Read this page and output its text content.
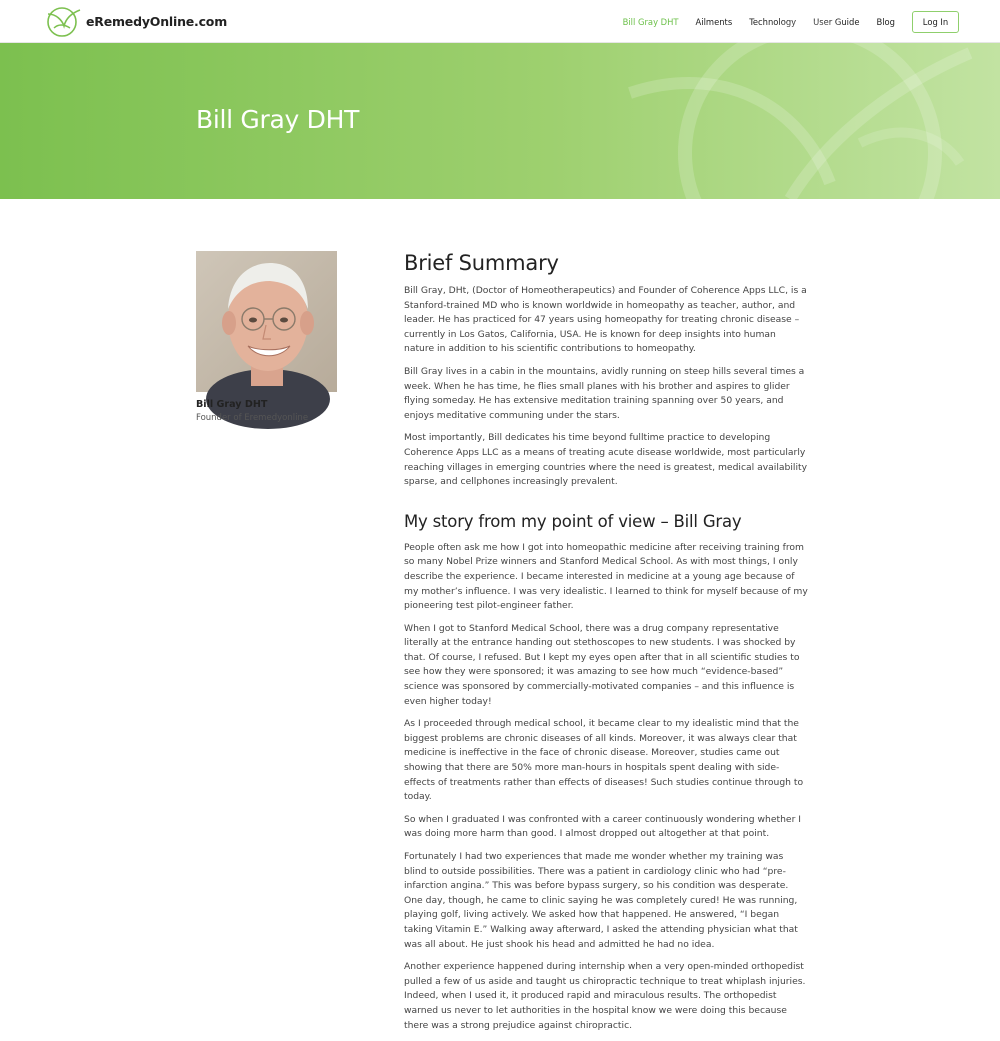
eRemedyOnline.com	Bill Gray DHT Ailments Technology User Guide Blog	Log In
Bill Gray DHT
Bill Gray DHT
Founder of Eremedyonline
Brief Summary

Bill Gray, DHt, (Doctor of Homeotherapeutics) and Founder of Coherence Apps LLC, is a Stanford-trained MD who is known worldwide in homeopathy as teacher, author, and leader. He has practiced for 47 years using homeopathy for treating chronic disease – currently in Los Gatos, California, USA. He is known for deep insights into human nature in addition to his scientific contributions to homeopathy.

Bill Gray lives in a cabin in the mountains, avidly running on steep hills several times a week. When he has time, he flies small planes with his brother and aspires to glider flying someday. He has extensive meditation training spanning over 50 years, and enjoys meditative communing under the stars.

Most importantly, Bill dedicates his time beyond fulltime practice to developing Coherence Apps LLC as a means of treating acute disease worldwide, most particularly reaching villages in emerging countries where the need is greatest, medical availability sparse, and cellphones increasingly prevalent.

My story from my point of view – Bill Gray

People often ask me how I got into homeopathic medicine after receiving training from so many Nobel Prize winners and Stanford Medical School. As with most things, I only describe the experience. I became interested in medicine at a young age because of my mother’s influence. I was very idealistic. I learned to think for myself because of my pioneering test pilot-engineer father.

When I got to Stanford Medical School, there was a drug company representative literally at the entrance handing out stethoscopes to new students. I was shocked by that. Of course, I refused. But I kept my eyes open after that in all scientific studies to see how they were sponsored; it was amazing to see how much “evidence-based” science was sponsored by commercially-motivated companies – and this influence is even higher today!

As I proceeded through medical school, it became clear to my idealistic mind that the biggest problems are chronic diseases of all kinds. Moreover, it was always clear that medicine is ineffective in the face of chronic disease. Moreover, studies came out showing that there are 50% more man-hours in hospitals spent dealing with side-effects of treatments rather than effects of diseases! Such studies continue through to today.

So when I graduated I was confronted with a career continuously wondering whether I was doing more harm than good. I almost dropped out altogether at that point.

Fortunately I had two experiences that made me wonder whether my training was blind to outside possibilities. There was a patient in cardiology clinic who had “pre-infarction angina.” This was before bypass surgery, so his condition was desperate. One day, though, he came to clinic saying he was completely cured! He was running, playing golf, living actively. We asked how that happened. He answered, “I began taking Vitamin E.” Walking away afterward, I asked the attending physician what that was all about. He just shook his head and admitted he had no idea.

Another experience happened during internship when a very open-minded orthopedist pulled a few of us aside and taught us chiropractic technique to treat whiplash injuries. Indeed, when I used it, it produced rapid and miraculous results. The orthopedist warned us never to let authorities in the hospital know we were doing this because there was a strong prejudice against chiropractic.
